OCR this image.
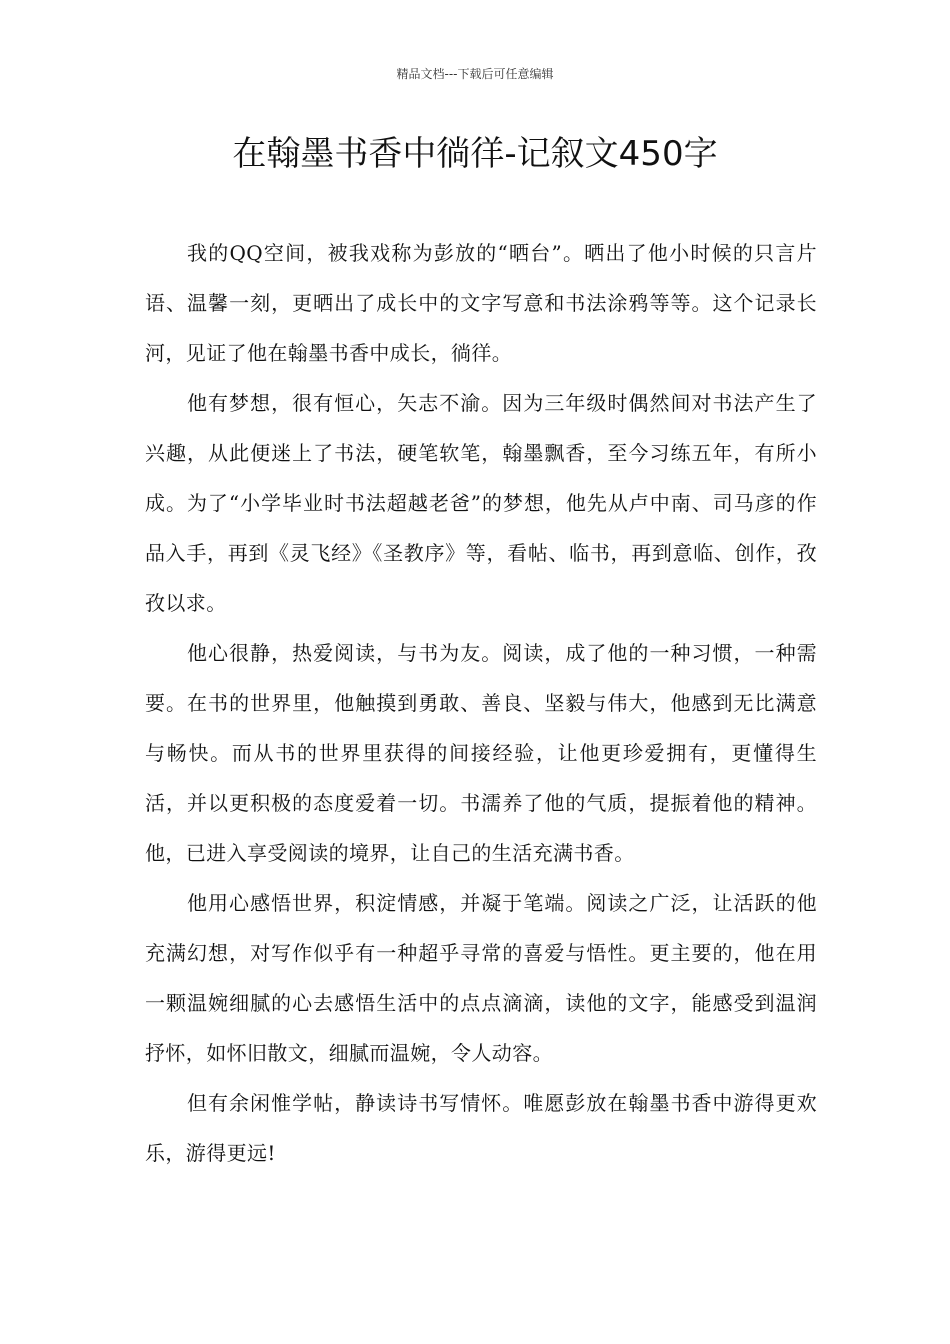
精品文档---下载后可任意编辑
在翰墨书香中徜徉-记叙文450字

我的QQ空间，被我戏称为彭放的“晒台”。晒出了他小时候的只言片语、温馨一刻，更晒出了成长中的文字写意和书法涂鸦等等。这个记录长河，见证了他在翰墨书香中成长，徜徉。

他有梦想，很有恒心，矢志不渝。因为三年级时偶然间对书法产生了兴趣，从此便迷上了书法，硬笔软笔，翰墨飘香，至今习练五年，有所小成。为了“小学毕业时书法超越老爸”的梦想，他先从卢中南、司马彦的作品入手，再到《灵飞经》《圣教序》等，看帖、临书，再到意临、创作，孜孜以求。

他心很静，热爱阅读，与书为友。阅读，成了他的一种习惯，一种需要。在书的世界里，他触摸到勇敢、善良、坚毅与伟大，他感到无比满意与畅快。而从书的世界里获得的间接经验，让他更珍爱拥有，更懂得生活，并以更积极的态度爱着一切。书濡养了他的气质，提振着他的精神。他，已进入享受阅读的境界，让自己的生活充满书香。

他用心感悟世界，积淀情感，并凝于笔端。阅读之广泛，让活跃的他充满幻想，对写作似乎有一种超乎寻常的喜爱与悟性。更主要的，他在用一颗温婉细腻的心去感悟生活中的点点滴滴，读他的文字，能感受到温润抒怀，如怀旧散文，细腻而温婉，令人动容。

但有余闲惟学帖，静读诗书写情怀。唯愿彭放在翰墨书香中游得更欢乐，游得更远!
